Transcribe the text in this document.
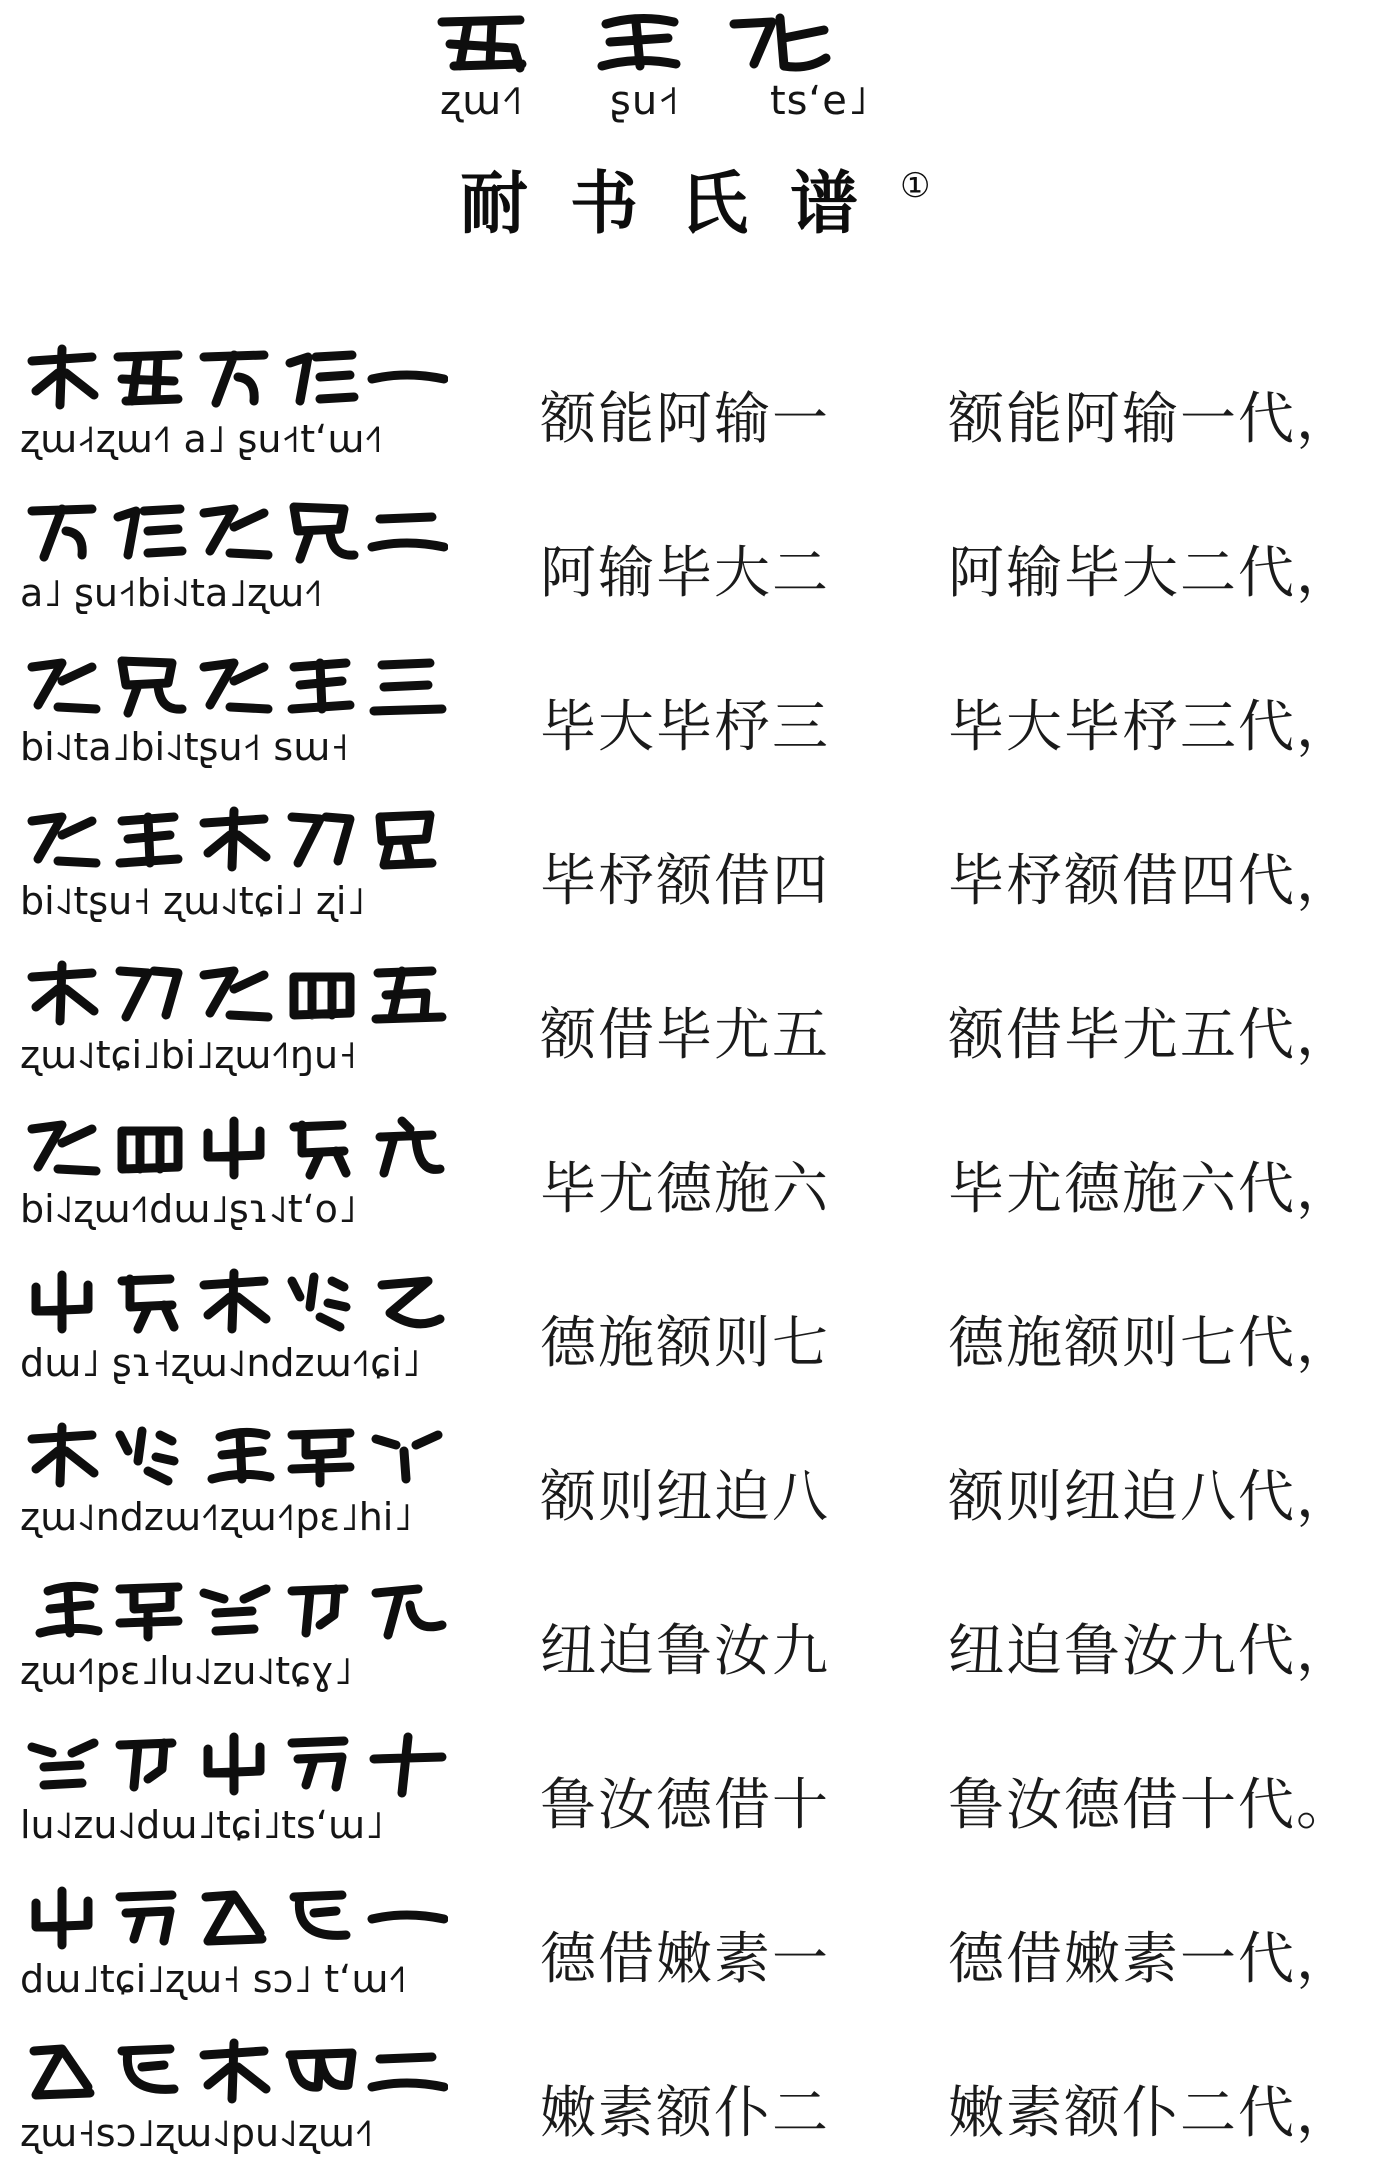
ʐɯ˧˥ ʂu˧˦ tsʻe˩
耐书氏谱①
ʐɯ˨˧ʐɯ˧˥ a˩ ʂu˧˦t‘ɯ˧˥	额能阿输一 额能阿输一代，
a˩ ʂu˧˦bi˨˩ta˩ʐɯ˧˥	阿输毕大二 阿输毕大二代，
bi˨˩ta˩bi˨˩tʂu˧˦ sɯ˧	毕大毕杼三 毕大毕杼三代，
bi˨˩tʂu˧ ʐɯ˨˩tɕi˩ ʐi˩	毕杼额借四 毕杼额借四代，
ʐɯ˨˩tɕi˩bi˩ʐɯ˧˥ŋu˧	额借毕尤五 额借毕尤五代，
bi˨˩ʐɯ˧˥dɯ˩ʂɿ˨˩t‘o˩	毕尤德施六 毕尤德施六代，
dɯ˩ ʂɿ˧ʐɯ˨˩ndzɯ˧˥ɕi˩	德施额则七 德施额则七代，
ʐɯ˨˩ndzɯ˧˥ʐɯ˧˥pɛ˩hi˩	额则纽迫八 额则纽迫八代，
ʐɯ˧˥pɛ˩lu˨˩zu˨˩tɕɣ˩	纽迫鲁汝九 纽迫鲁汝九代，
lu˨˩zu˨˩dɯ˩tɕi˩ts‘ɯ˩	鲁汝德借十 鲁汝德借十代。
dɯ˩tɕi˩ʐɯ˧ sɔ˩ t‘ɯ˧˥	德借嫩素一 德借嫩素一代，
ʐɯ˧sɔ˩ʐɯ˨˩pu˨˩ʐɯ˧˥	嫩素额仆二 嫩素额仆二代，
